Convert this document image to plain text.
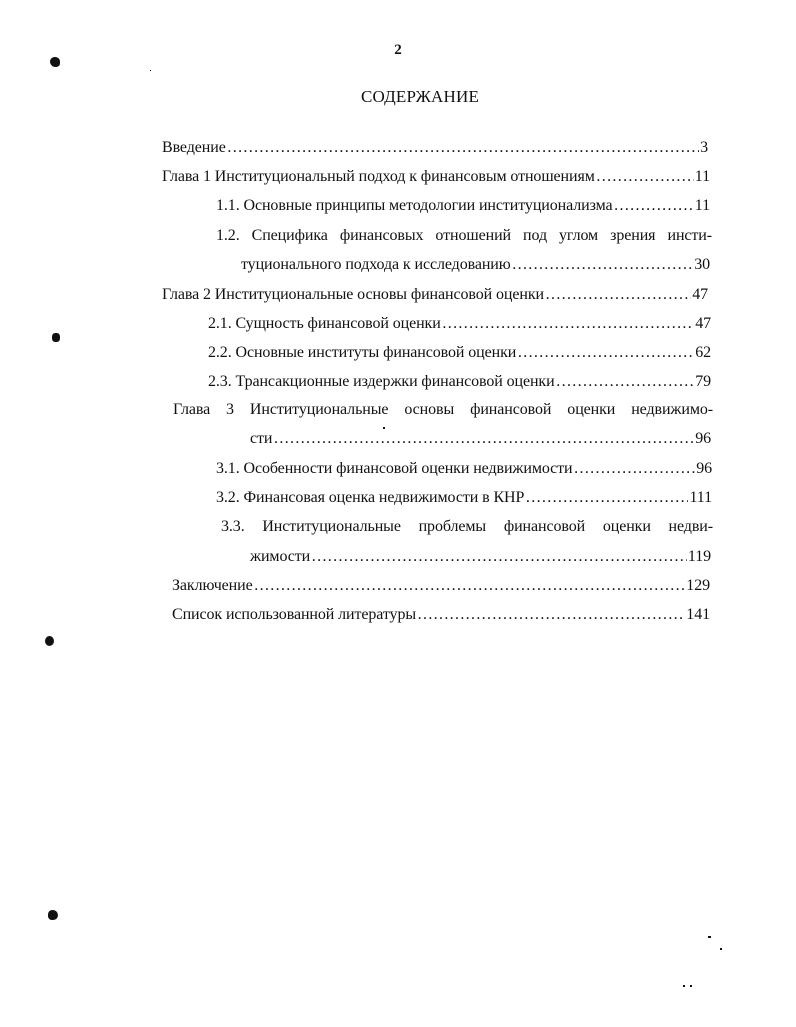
2
СОДЕРЖАНИЕ
Введение …………………………………………………………………………………………………………………………………………………………………………	3
Глава 1 Институциональный подход к финансовым отношениям …………………………………………………………………………………………………………………………………………………………………………	11
1.1. Основные принципы методологии институционализма …………………………………………………………………………………………………………………………………………………………………………	11
1.2. Специфика финансовых отношений под углом зрения инсти-
туционального подхода к исследованию …………………………………………………………………………………………………………………………………………………………………………	30
Глава 2 Институциональные основы финансовой оценки …………………………………………………………………………………………………………………………………………………………………………	47
2.1. Сущность финансовой оценки …………………………………………………………………………………………………………………………………………………………………………	47
2.2. Основные институты финансовой оценки …………………………………………………………………………………………………………………………………………………………………………	62
2.3. Трансакционные издержки финансовой оценки …………………………………………………………………………………………………………………………………………………………………………	79
Глава 3 Институциональные основы финансовой оценки недвижимо-
сти …………………………………………………………………………………………………………………………………………………………………………	96
3.1. Особенности финансовой оценки недвижимости …………………………………………………………………………………………………………………………………………………………………………	96
3.2. Финансовая оценка недвижимости в КНР …………………………………………………………………………………………………………………………………………………………………………	111
3.3. Институциональные проблемы финансовой оценки недви-
жимости …………………………………………………………………………………………………………………………………………………………………………	119
Заключение …………………………………………………………………………………………………………………………………………………………………………	129
Список использованной литературы …………………………………………………………………………………………………………………………………………………………………………	141
